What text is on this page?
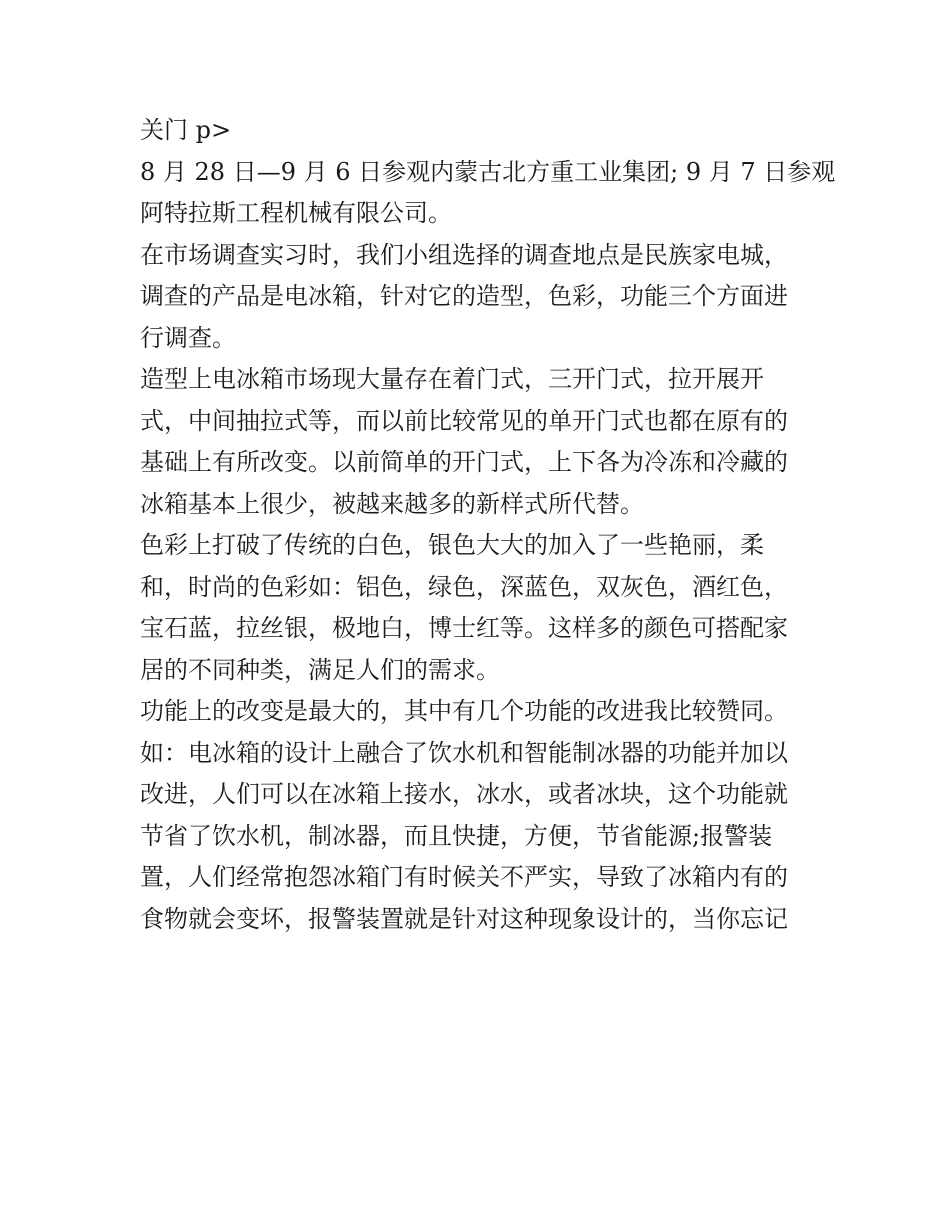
关门 p>
8 月 28 日—9 月 6 日参观内蒙古北方重工业集团; 9 月 7 日参观
阿特拉斯工程机械有限公司。
在市场调查实习时，我们小组选择的调查地点是民族家电城，
调查的产品是电冰箱，针对它的造型，色彩，功能三个方面进
行调查。
造型上电冰箱市场现大量存在着门式，三开门式，拉开展开
式，中间抽拉式等，而以前比较常见的单开门式也都在原有的
基础上有所改变。以前简单的开门式，上下各为冷冻和冷藏的
冰箱基本上很少，被越来越多的新样式所代替。
色彩上打破了传统的白色，银色大大的加入了一些艳丽，柔
和，时尚的色彩如：铝色，绿色，深蓝色，双灰色，酒红色，
宝石蓝，拉丝银，极地白，博士红等。这样多的颜色可搭配家
居的不同种类，满足人们的需求。
功能上的改变是最大的，其中有几个功能的改进我比较赞同。
如：电冰箱的设计上融合了饮水机和智能制冰器的功能并加以
改进，人们可以在冰箱上接水，冰水，或者冰块，这个功能就
节省了饮水机，制冰器，而且快捷，方便，节省能源;报警装
置，人们经常抱怨冰箱门有时候关不严实，导致了冰箱内有的
食物就会变坏，报警装置就是针对这种现象设计的，当你忘记
